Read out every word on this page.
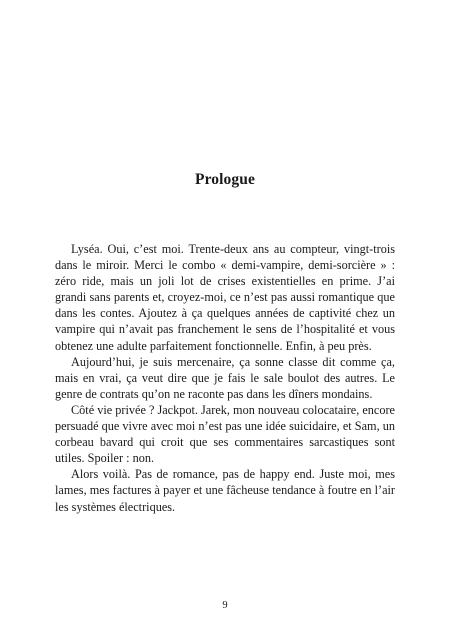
Prologue

Lyséa. Oui, c’est moi. Trente-deux ans au compteur, vingt-trois dans le miroir. Merci le combo « demi-vampire, demi-sorcière » : zéro ride, mais un joli lot de crises existentielles en prime. J’ai grandi sans parents et, croyez-moi, ce n’est pas aussi romantique que dans les contes. Ajoutez à ça quelques années de captivité chez un vampire qui n’avait pas franchement le sens de l’hospitalité et vous obtenez une adulte parfaitement fonctionnelle. Enfin, à peu près.

Aujourd’hui, je suis mercenaire, ça sonne classe dit comme ça, mais en vrai, ça veut dire que je fais le sale boulot des autres. Le genre de contrats qu’on ne raconte pas dans les dîners mondains.

Côté vie privée ? Jackpot. Jarek, mon nouveau colocataire, encore persuadé que vivre avec moi n’est pas une idée suicidaire, et Sam, un corbeau bavard qui croit que ses commentaires sarcastiques sont utiles. Spoiler : non.

Alors voilà. Pas de romance, pas de happy end. Juste moi, mes lames, mes factures à payer et une fâcheuse tendance à foutre en l’air les systèmes électriques.

9
